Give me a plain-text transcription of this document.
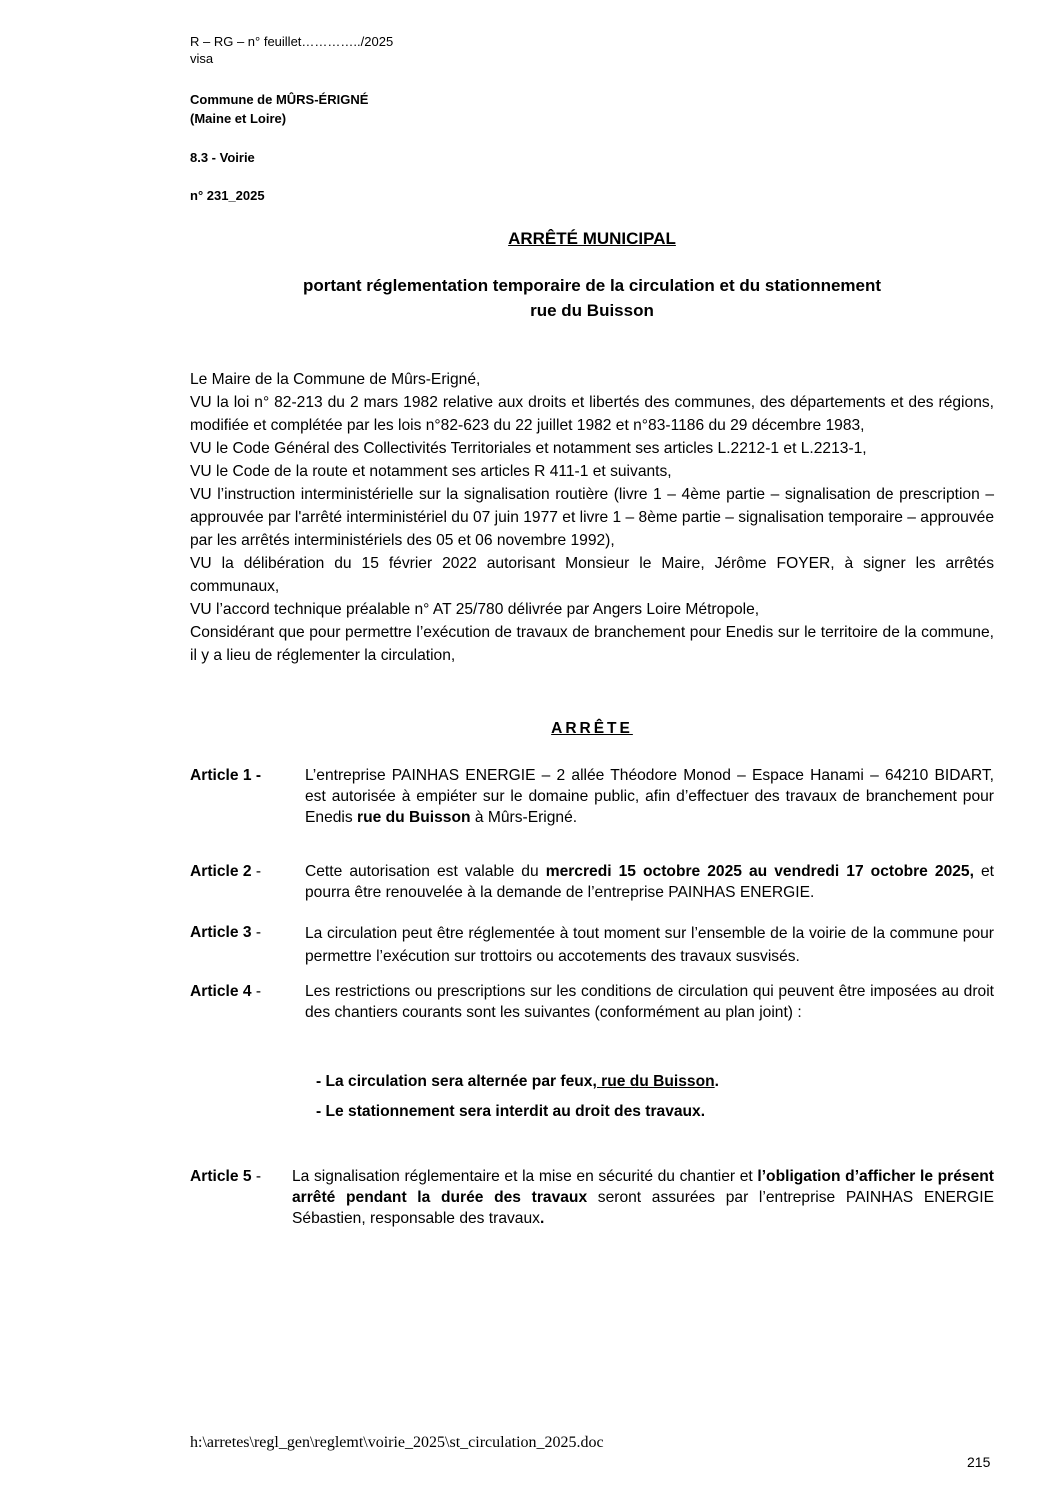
R – RG – n° feuillet…………../2025
visa
Commune de MÛRS-ÉRIGNÉ
(Maine et Loire)
8.3 - Voirie
n° 231_2025
ARRÊTÉ MUNICIPAL
portant réglementation temporaire de la circulation et du stationnement
rue du Buisson

Le Maire de la Commune de Mûrs-Erigné,

VU la loi n° 82-213 du 2 mars 1982 relative aux droits et libertés des communes, des départements et des régions, modifiée et complétée par les lois n°82-623 du 22 juillet 1982 et n°83-1186 du 29 décembre 1983,

VU le Code Général des Collectivités Territoriales et notamment ses articles L.2212-1 et L.2213-1,

VU le Code de la route et notamment ses articles R 411-1 et suivants,

VU l’instruction interministérielle sur la signalisation routière (livre 1 – 4ème partie – signalisation de prescription – approuvée par l'arrêté interministériel du 07 juin 1977 et livre 1 – 8ème partie – signalisation temporaire – approuvée par les arrêtés interministériels des 05 et 06 novembre 1992),

VU la délibération du 15 février 2022 autorisant Monsieur le Maire, Jérôme FOYER, à signer les arrêtés communaux,

VU l’accord technique préalable n° AT 25/780 délivrée par Angers Loire Métropole,

Considérant que pour permettre l’exécution de travaux de branchement pour Enedis sur le territoire de la commune, il y a lieu de réglementer la circulation,

ARRÊTE
Article 1 -	L’entreprise PAINHAS ENERGIE – 2 allée Théodore Monod – Espace Hanami – 64210 BIDART, est autorisée à empiéter sur le domaine public, afin d’effectuer des travaux de branchement pour Enedis rue du Buisson à Mûrs-Erigné.
Article 2 -	Cette autorisation est valable du mercredi 15 octobre 2025 au vendredi 17 octobre 2025, et pourra être renouvelée à la demande de l’entreprise PAINHAS ENERGIE.
Article 3 -	La circulation peut être réglementée à tout moment sur l’ensemble de la voirie de la commune pour permettre l’exécution sur trottoirs ou accotements des travaux susvisés.
Article 4 -	Les restrictions ou prescriptions sur les conditions de circulation qui peuvent être imposées au droit des chantiers courants sont les suivantes (conformément au plan joint) :
- La circulation sera alternée par feux, rue du Buisson.
- Le stationnement sera interdit au droit des travaux.
Article 5 - La signalisation réglementaire et la mise en sécurité du chantier et l’obligation d’afficher le présent arrêté pendant la durée des travaux seront assurées par l’entreprise PAINHAS ENERGIE Sébastien, responsable des travaux.
h:\arretes\regl_gen\reglemt\voirie_2025\st_circulation_2025.doc
215
